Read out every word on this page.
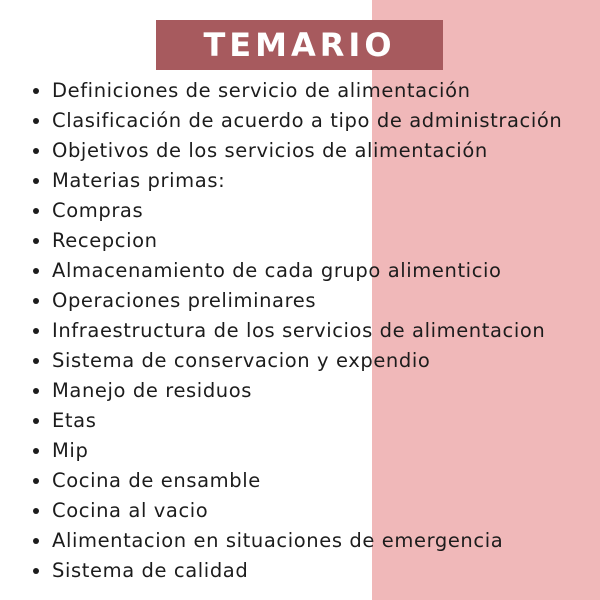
TEMARIO
Definiciones de servicio de alimentación
Clasificación de acuerdo a tipo de administración
Objetivos de los servicios de alimentación
Materias primas:
Compras
Recepcion
Almacenamiento de cada grupo alimenticio
Operaciones preliminares
Infraestructura de los servicios de alimentacion
Sistema de conservacion y expendio
Manejo de residuos
Etas
Mip
Cocina de ensamble
Cocina al vacio
Alimentacion en situaciones de emergencia
Sistema de calidad
